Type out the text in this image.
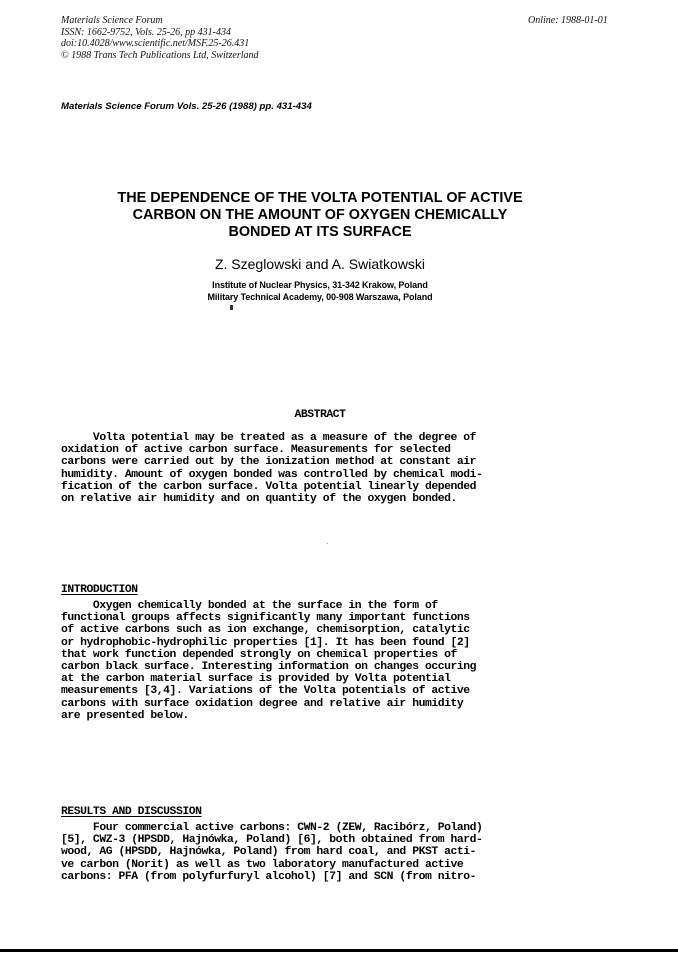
Materials Science Forum
ISSN: 1662-9752, Vols. 25-26, pp 431-434
doi:10.4028/www.scientific.net/MSF.25-26.431
© 1988 Trans Tech Publications Ltd, Switzerland
Online: 1988-01-01
Materials Science Forum Vols. 25-26 (1988) pp. 431-434
THE DEPENDENCE OF THE VOLTA POTENTIAL OF ACTIVE
CARBON ON THE AMOUNT OF OXYGEN CHEMICALLY
BONDED AT ITS SURFACE
Z. Szeglowski and A. Swiatkowski
Institute of Nuclear Physics, 31-342 Krakow, Poland
Military Technical Academy, 00-908 Warszawa, Poland
ABSTRACT
Volta potential may be treated as a measure of the degree of
oxidation of active carbon surface. Measurements for selected
carbons were carried out by the ionization method at constant air
humidity. Amount of oxygen bonded was controlled by chemical modi-
fication of the carbon surface. Volta potential linearly depended
on relative air humidity and on quantity of the oxygen bonded.
INTRODUCTION
Oxygen chemically bonded at the surface in the form of
functional groups affects significantly many important functions
of active carbons such as ion exchange, chemisorption, catalytic
or hydrophobic-hydrophilic properties [1]. It has been found [2]
that work function depended strongly on chemical properties of
carbon black surface. Interesting information on changes occuring
at the carbon material surface is provided by Volta potential
measurements [3,4]. Variations of the Volta potentials of active
carbons with surface oxidation degree and relative air humidity
are presented below.
RESULTS AND DISCUSSION
Four commercial active carbons: CWN-2 (ZEW, Racibórz, Poland)
[5], CWZ-3 (HPSDD, Hajnówka, Poland) [6], both obtained from hard-
wood, AG (HPSDD, Hajnówka, Poland) from hard coal, and PKST acti-
ve carbon (Norit) as well as two laboratory manufactured active
carbons: PFA (from polyfurfuryl alcohol) [7] and SCN (from nitro-
